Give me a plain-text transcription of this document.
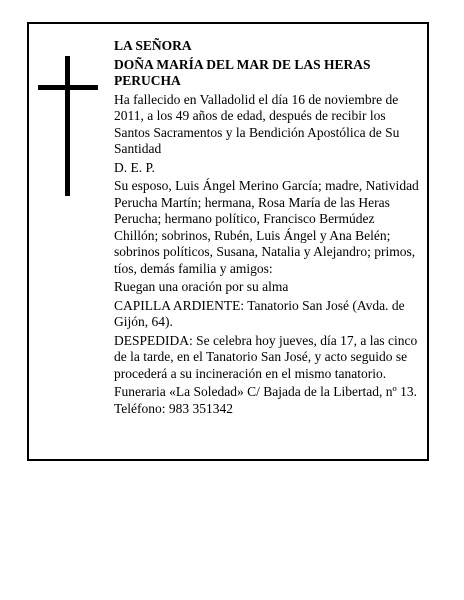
LA SEÑORA

DOÑA MARÍA DEL MAR DE LAS HERAS PERUCHA

Ha fallecido en Valladolid el día 16 de noviembre de 2011, a los 49 años de edad, después de recibir los Santos Sacramentos y la Bendición Apostólica de Su Santidad

D. E. P.

Su esposo, Luis Ángel Merino García; madre, Natividad Perucha Martín; hermana, Rosa María de las Heras Perucha; hermano político, Francisco Bermúdez Chillón; sobrinos, Rubén, Luis Ángel y Ana Belén; sobrinos políticos, Susana, Natalia y Alejandro; primos, tíos, demás familia y amigos:

Ruegan una oración por su alma

CAPILLA ARDIENTE: Tanatorio San José (Avda. de Gijón, 64).

DESPEDIDA: Se celebra hoy jueves, día 17, a las cinco de la tarde, en el Tanatorio San José, y acto seguido se procederá a su incineración en el mismo tanatorio.

Funeraria «La Soledad» C/ Bajada de la Libertad, nº 13. Teléfono: 983 351342
